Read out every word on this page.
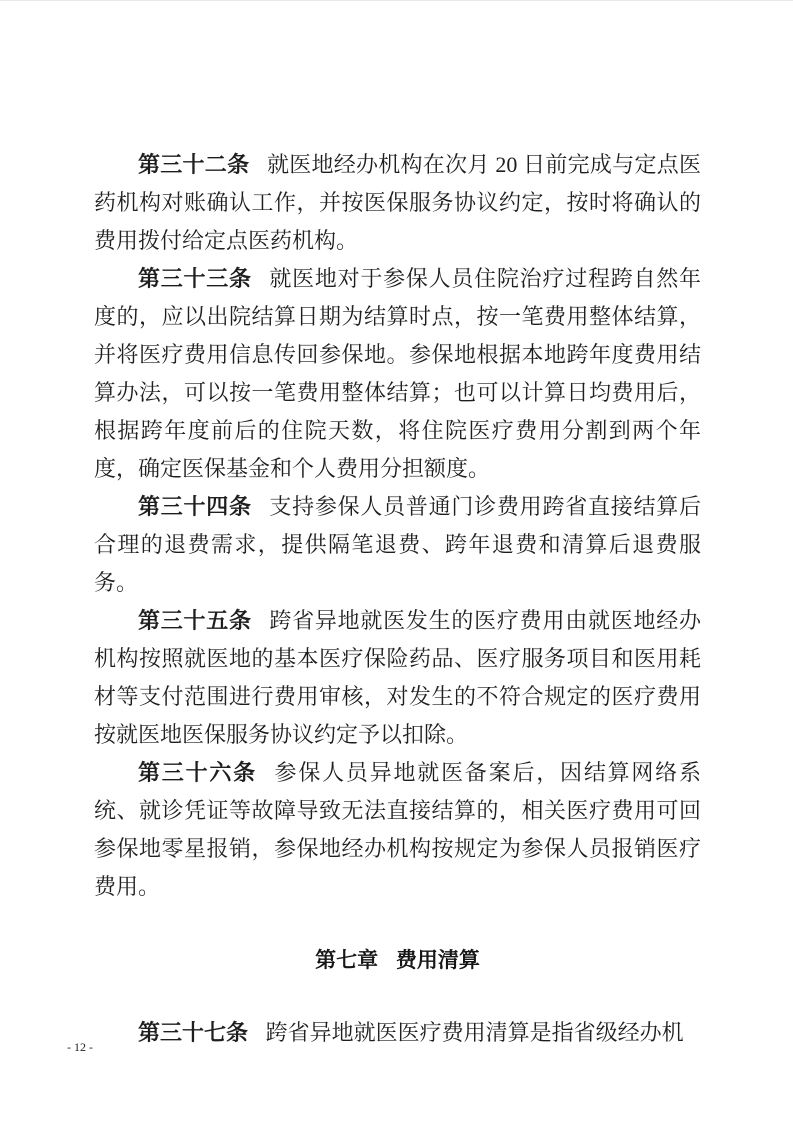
第三十二条 就医地经办机构在次月 20 日前完成与定点医药机构对账确认工作，并按医保服务协议约定，按时将确认的费用拨付给定点医药机构。

第三十三条 就医地对于参保人员住院治疗过程跨自然年度的，应以出院结算日期为结算时点，按一笔费用整体结算，并将医疗费用信息传回参保地。参保地根据本地跨年度费用结算办法，可以按一笔费用整体结算；也可以计算日均费用后，根据跨年度前后的住院天数，将住院医疗费用分割到两个年度，确定医保基金和个人费用分担额度。

第三十四条 支持参保人员普通门诊费用跨省直接结算后合理的退费需求，提供隔笔退费、跨年退费和清算后退费服务。

第三十五条 跨省异地就医发生的医疗费用由就医地经办机构按照就医地的基本医疗保险药品、医疗服务项目和医用耗材等支付范围进行费用审核，对发生的不符合规定的医疗费用按就医地医保服务协议约定予以扣除。

第三十六条 参保人员异地就医备案后，因结算网络系统、就诊凭证等故障导致无法直接结算的，相关医疗费用可回参保地零星报销，参保地经办机构按规定为参保人员报销医疗费用。

第七章 费用清算

第三十七条 跨省异地就医医疗费用清算是指省级经办机

- 12 -
